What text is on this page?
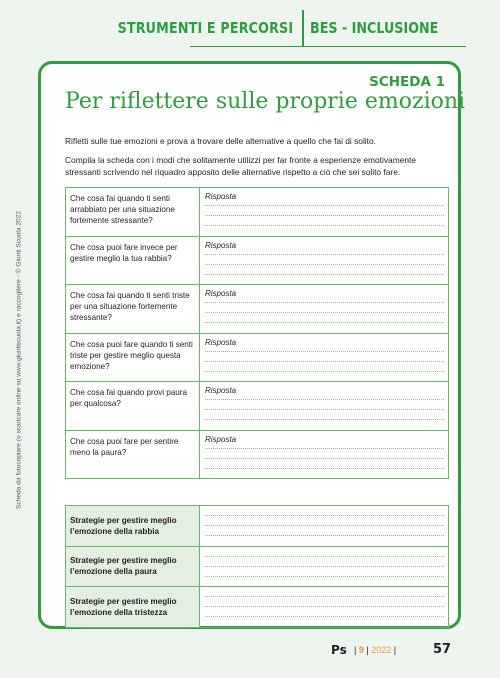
STRUMENTI E PERCORSI BES - INCLUSIONE
Scheda da fotocopiare (o scaricare online su www.giuntiscuola.it) e raccogliere - © Giunti Scuola 2022
SCHEDA 1
Per riflettere sulle proprie emozioni

Rifletti sulle tue emozioni e prova a trovare delle alternative a quello che fai di solito.

Compila la scheda con i modi che solitamente utilizzi per far fronte a esperienze emotivamente stressanti scrivendo nel riquadro apposito delle alternative rispetto a ciò che sei solito fare.

Che cosa fai quando ti senti arrabbiato per una situazione fortemente stressante?	Risposta

Che cosa puoi fare invece per gestire meglio la tua rabbia?	Risposta

Che cosa fai quando ti senti triste per una situazione fortemente stressante?	Risposta

Che cosa puoi fare quando ti senti triste per gestire meglio questa emozione?	Risposta

Che cosa fai quando provi paura per qualcosa?	Risposta

Che cosa puoi fare per sentire meno la paura?	Risposta
Strategie per gestire meglio l’emozione della rabbia	

Strategie per gestire meglio l’emozione della paura	

Strategie per gestire meglio l’emozione della tristezza	
Ps | 9 | 2022 |	57
